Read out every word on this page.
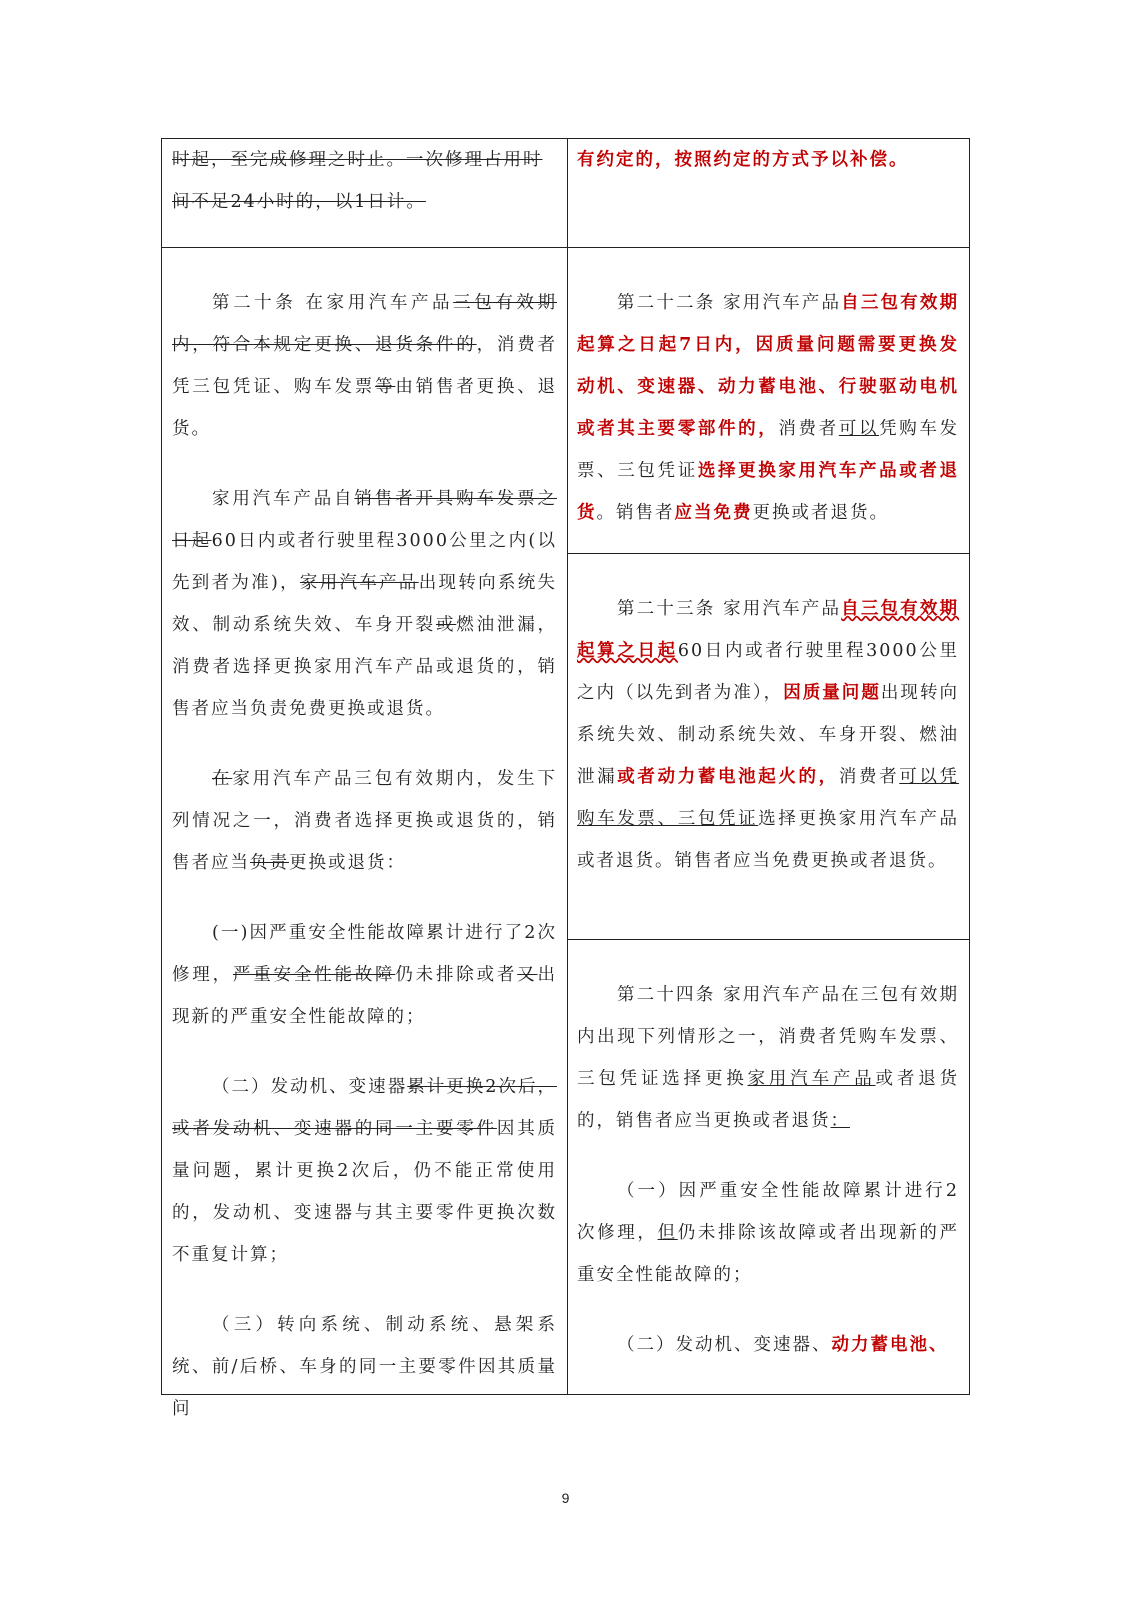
时起，至完成修理之时止。一次修理占用时
间不足24小时的，以1日计。

第二十条 在家用汽车产品三包有效期内，符合本规定更换、退货条件的，消费者凭三包凭证、购车发票等由销售者更换、退货。

家用汽车产品自销售者开具购车发票之日起60日内或者行驶里程3000公里之内(以先到者为准)，家用汽车产品出现转向系统失效、制动系统失效、车身开裂或燃油泄漏，消费者选择更换家用汽车产品或退货的，销售者应当负责免费更换或退货。

在家用汽车产品三包有效期内，发生下列情况之一，消费者选择更换或退货的，销售者应当负责更换或退货：

(一)因严重安全性能故障累计进行了2次修理，严重安全性能故障仍未排除或者又出现新的严重安全性能故障的；

（二）发动机、变速器累计更换2次后，或者发动机、变速器的同一主要零件因其质量问题，累计更换2次后，仍不能正常使用的，发动机、变速器与其主要零件更换次数不重复计算；

（三）转向系统、制动系统、悬架系统、前/后桥、车身的同一主要零件因其质量问

有约定的，按照约定的方式予以补偿。

第二十二条 家用汽车产品自三包有效期起算之日起7日内，因质量问题需要更换发动机、变速器、动力蓄电池、行驶驱动电机或者其主要零部件的，消费者可以凭购车发票、三包凭证选择更换家用汽车产品或者退货。销售者应当免费更换或者退货。

第二十三条 家用汽车产品自三包有效期起算之日起60日内或者行驶里程3000公里之内（以先到者为准），因质量问题出现转向系统失效、制动系统失效、车身开裂、燃油泄漏或者动力蓄电池起火的，消费者可以凭购车发票、三包凭证选择更换家用汽车产品或者退货。销售者应当免费更换或者退货。

第二十四条 家用汽车产品在三包有效期内出现下列情形之一，消费者凭购车发票、三包凭证选择更换家用汽车产品或者退货的，销售者应当更换或者退货：

（一）因严重安全性能故障累计进行2次修理，但仍未排除该故障或者出现新的严重安全性能故障的；

（二）发动机、变速器、动力蓄电池、

9
